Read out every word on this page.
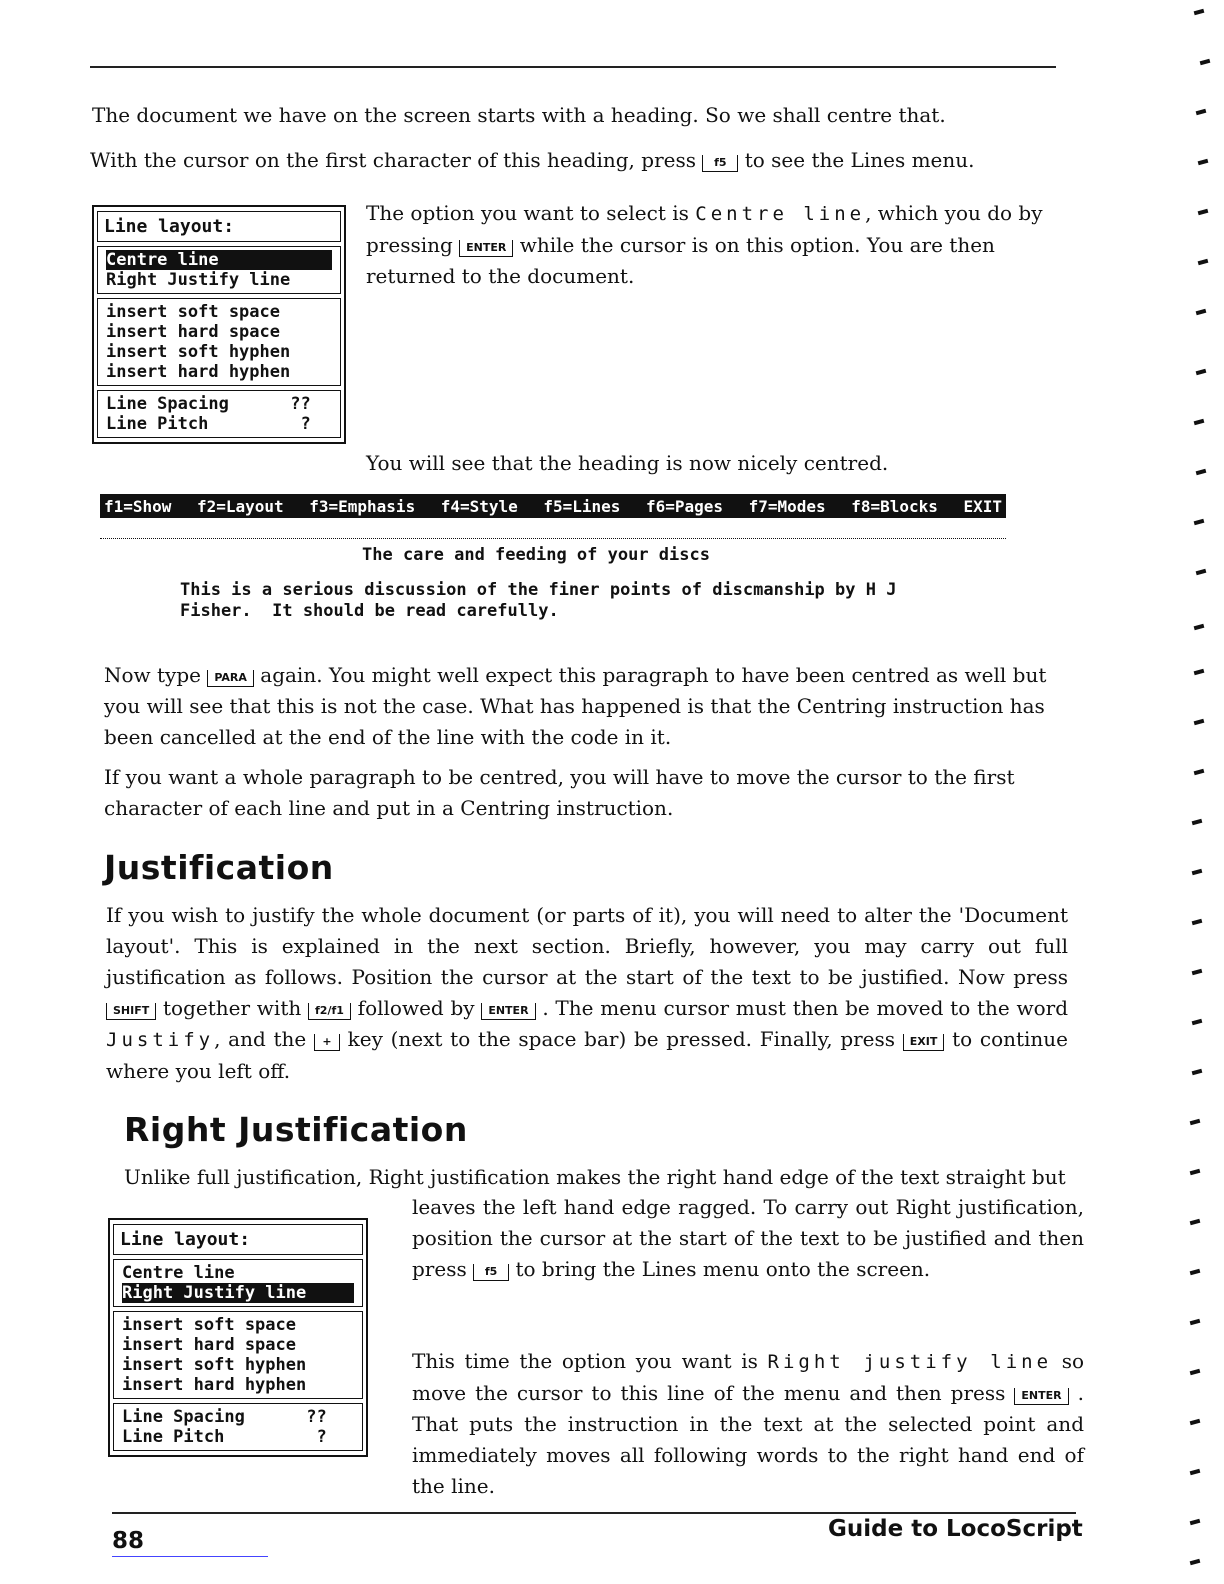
The document we have on the screen starts with a heading. So we shall centre that.
With the cursor on the first character of this heading, press f5 to see the Lines menu.
Line layout:
Centre line
Right Justify line
insert soft space
insert hard space
insert soft hyphen
insert hard hyphen
Line Spacing      ??
Line Pitch         ?
The option you want to select is Centre line, which you do by pressing ENTER while the cursor is on this option. You are then returned to the document.
You will see that the heading is now nicely centred.
f1=Show f2=Layout f3=Emphasis f4=Style f5=Lines f6=Pages f7=Modes f8=Blocks EXIT
The care and feeding of your discs
This is a serious discussion of the finer points of discmanship by H J
Fisher.  It should be read carefully.
Now type PARA again. You might well expect this paragraph to have been centred as well but you will see that this is not the case. What has happened is that the Centring instruction has been cancelled at the end of the line with the code in it.
If you want a whole paragraph to be centred, you will have to move the cursor to the first character of each line and put in a Centring instruction.
Justification
If you wish to justify the whole document (or parts of it), you will need to alter the 'Document layout'. This is explained in the next section. Briefly, however, you may carry out full justification as follows. Position the cursor at the start of the text to be justified. Now press SHIFT together with f2/f1 followed by ENTER . The menu cursor must then be moved to the word Justify, and the + key (next to the space bar) be pressed. Finally, press EXIT to continue where you left off.
Right Justification
Unlike full justification, Right justification makes the right hand edge of the text straight but
Line layout:
Centre line
Right Justify line
insert soft space
insert hard space
insert soft hyphen
insert hard hyphen
Line Spacing      ??
Line Pitch         ?
leaves the left hand edge ragged. To carry out Right justification, position the cursor at the start of the text to be justified and then press f5 to bring the Lines menu onto the screen.
This time the option you want is Right justify line so move the cursor to this line of the menu and then press ENTER . That puts the instruction in the text at the selected point and immediately moves all following words to the right hand end of the line.
88	Guide to LocoScript
